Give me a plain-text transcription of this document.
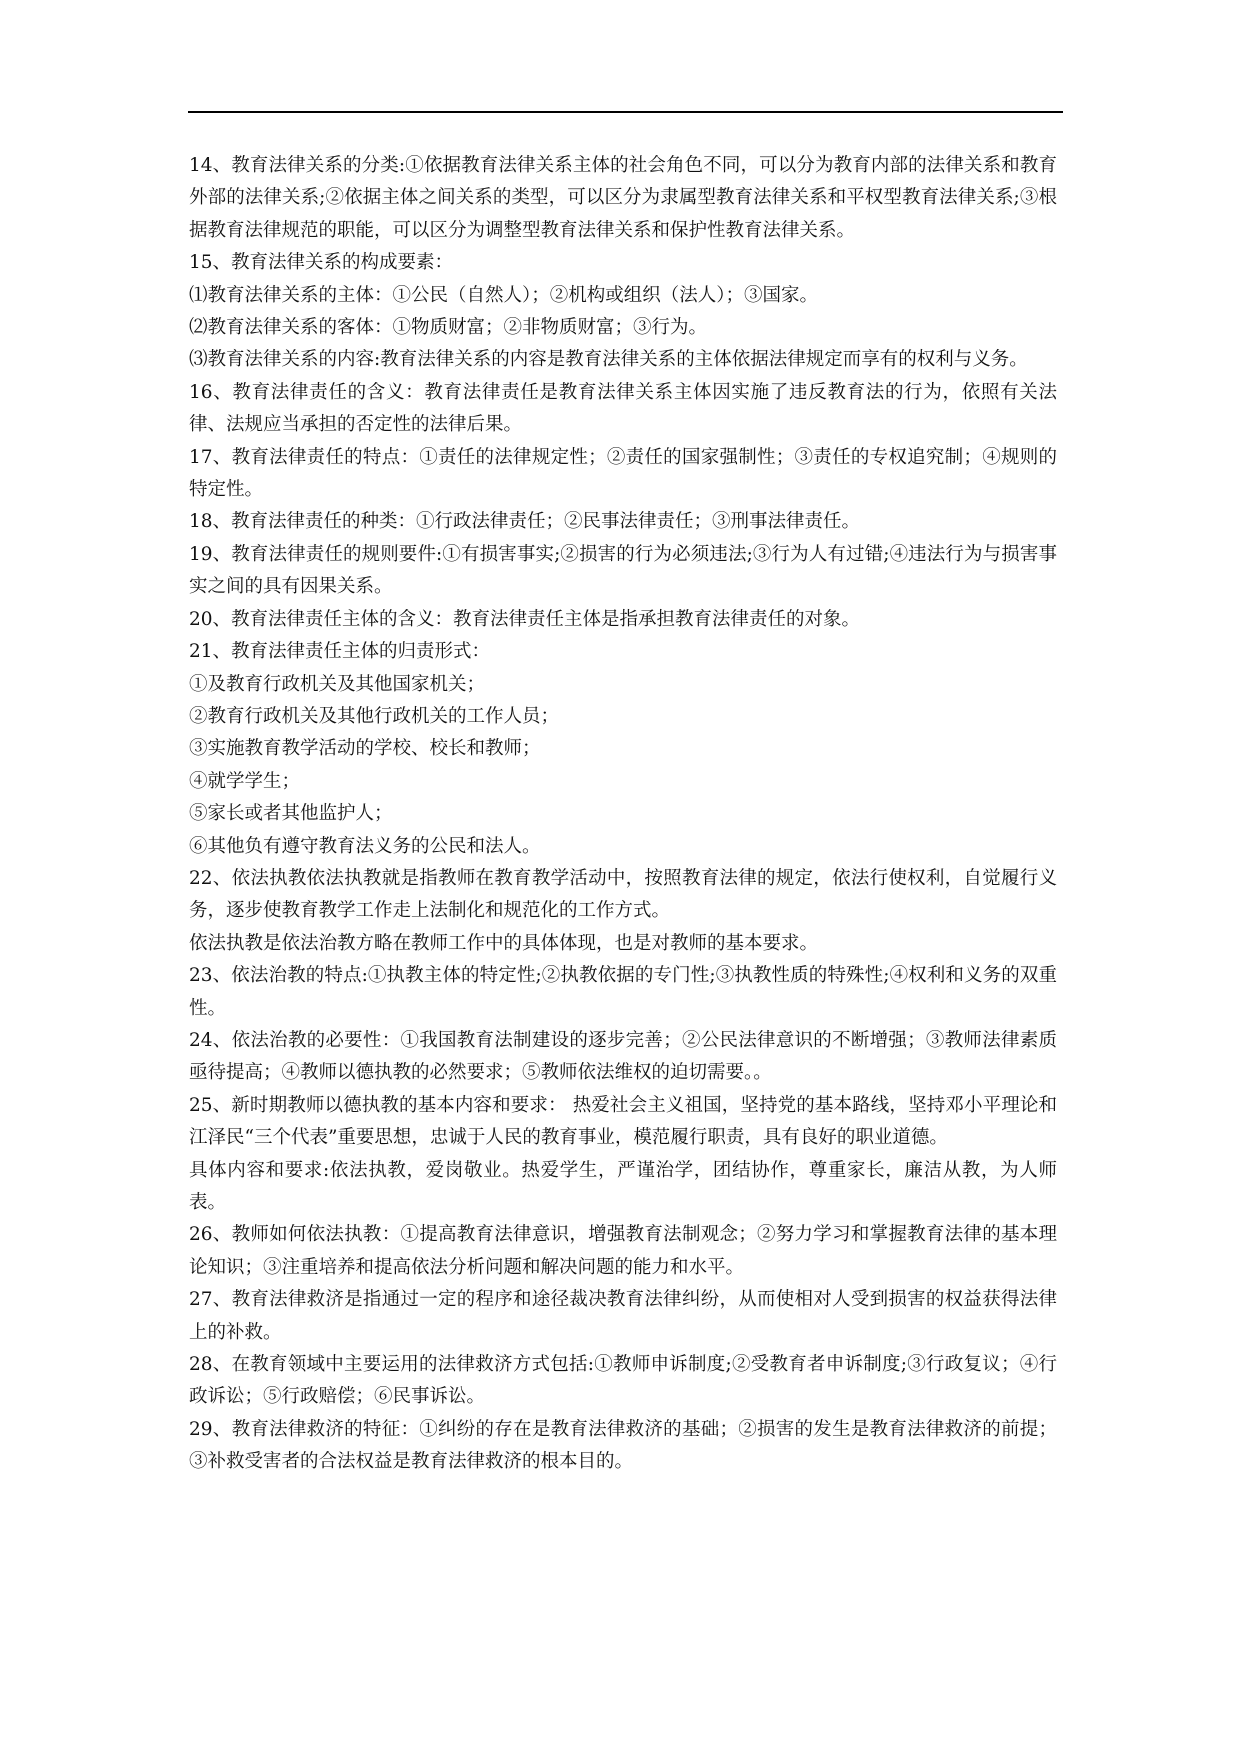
14、教育法律关系的分类:①依据教育法律关系主体的社会角色不同，可以分为教育内部的法律关系和教育外部的法律关系;②依据主体之间关系的类型，可以区分为隶属型教育法律关系和平权型教育法律关系;③根据教育法律规范的职能，可以区分为调整型教育法律关系和保护性教育法律关系。

15、教育法律关系的构成要素：

⑴教育法律关系的主体：①公民（自然人）；②机构或组织（法人）；③国家。

⑵教育法律关系的客体：①物质财富；②非物质财富；③行为。

⑶教育法律关系的内容:教育法律关系的内容是教育法律关系的主体依据法律规定而享有的权利与义务。

16、教育法律责任的含义：教育法律责任是教育法律关系主体因实施了违反教育法的行为，依照有关法律、法规应当承担的否定性的法律后果。

17、教育法律责任的特点：①责任的法律规定性；②责任的国家强制性；③责任的专权追究制；④规则的特定性。

18、教育法律责任的种类：①行政法律责任；②民事法律责任；③刑事法律责任。

19、教育法律责任的规则要件:①有损害事实;②损害的行为必须违法;③行为人有过错;④违法行为与损害事实之间的具有因果关系。

20、教育法律责任主体的含义：教育法律责任主体是指承担教育法律责任的对象。

21、教育法律责任主体的归责形式：

①及教育行政机关及其他国家机关；

②教育行政机关及其他行政机关的工作人员；

③实施教育教学活动的学校、校长和教师；

④就学学生；

⑤家长或者其他监护人；

⑥其他负有遵守教育法义务的公民和法人。

22、依法执教依法执教就是指教师在教育教学活动中，按照教育法律的规定，依法行使权利，自觉履行义务，逐步使教育教学工作走上法制化和规范化的工作方式。

依法执教是依法治教方略在教师工作中的具体体现，也是对教师的基本要求。

23、依法治教的特点:①执教主体的特定性;②执教依据的专门性;③执教性质的特殊性;④权利和义务的双重性。

24、依法治教的必要性：①我国教育法制建设的逐步完善；②公民法律意识的不断增强；③教师法律素质亟待提高；④教师以德执教的必然要求；⑤教师依法维权的迫切需要。。

25、新时期教师以德执教的基本内容和要求： 热爱社会主义祖国，坚持党的基本路线，坚持邓小平理论和江泽民“三个代表”重要思想，忠诚于人民的教育事业，模范履行职责，具有良好的职业道德。

具体内容和要求:依法执教，爱岗敬业。热爱学生，严谨治学，团结协作，尊重家长，廉洁从教，为人师表。

26、教师如何依法执教：①提高教育法律意识，增强教育法制观念；②努力学习和掌握教育法律的基本理论知识；③注重培养和提高依法分析问题和解决问题的能力和水平。

27、教育法律救济是指通过一定的程序和途径裁决教育法律纠纷，从而使相对人受到损害的权益获得法律上的补救。

28、在教育领域中主要运用的法律救济方式包括:①教师申诉制度;②受教育者申诉制度;③行政复议；④行政诉讼；⑤行政赔偿；⑥民事诉讼。

29、教育法律救济的特征：①纠纷的存在是教育法律救济的基础；②损害的发生是教育法律救济的前提；③补救受害者的合法权益是教育法律救济的根本目的。
